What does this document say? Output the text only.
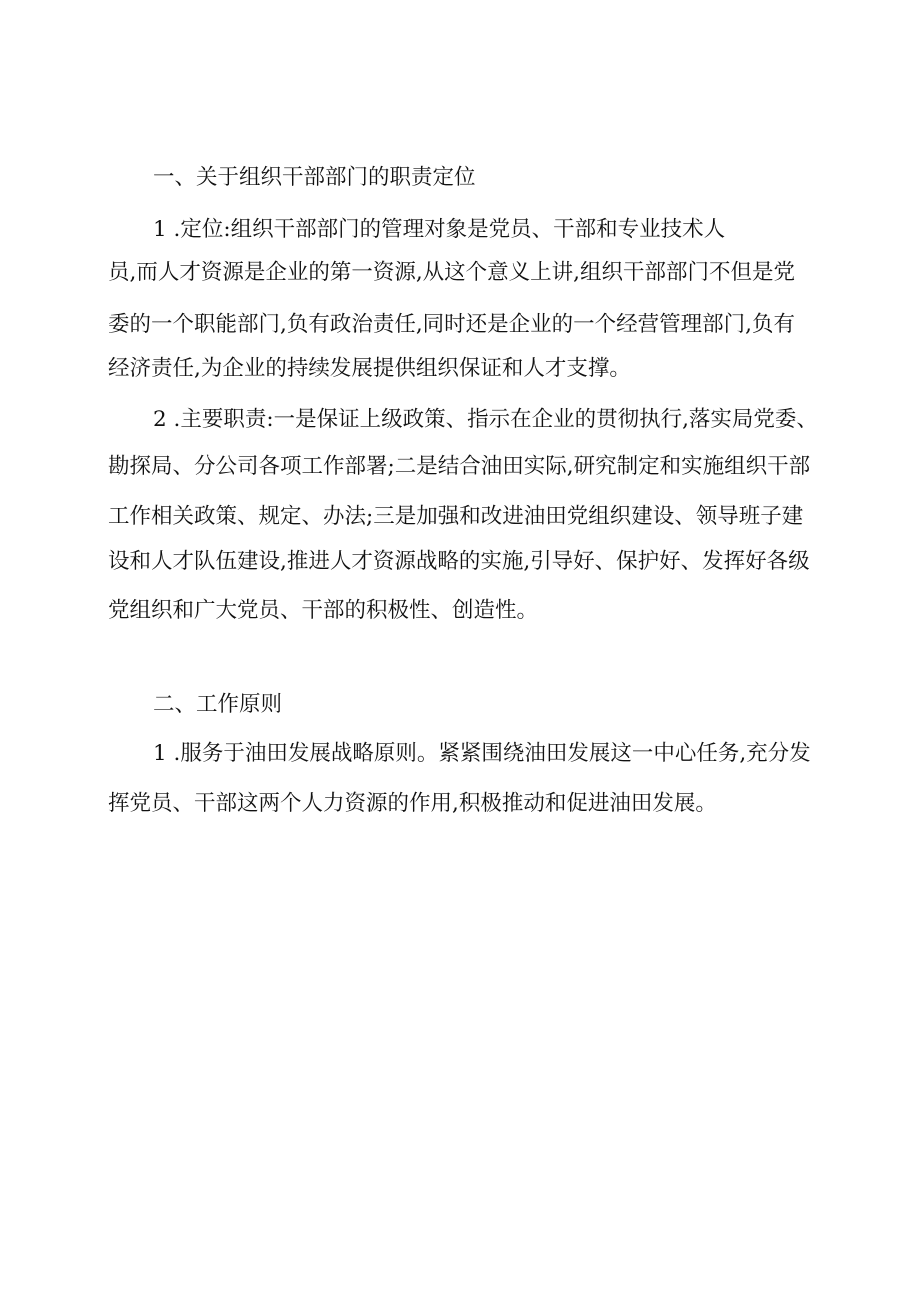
一、关于组织干部部门的职责定位
1 .定位:组织干部部门的管理对象是党员、干部和专业技术人
员,而人才资源是企业的第一资源,从这个意义上讲,组织干部部门不但是党
委的一个职能部门,负有政治责任,同时还是企业的一个经营管理部门,负有
经济责任,为企业的持续发展提供组织保证和人才支撑。
2 .主要职责:一是保证上级政策、指示在企业的贯彻执行,落实局党委、
勘探局、分公司各项工作部署;二是结合油田实际,研究制定和实施组织干部
工作相关政策、规定、办法;三是加强和改进油田党组织建设、领导班子建
设和人才队伍建设,推进人才资源战略的实施,引导好、保护好、发挥好各级
党组织和广大党员、干部的积极性、创造性。
二、工作原则
1 .服务于油田发展战略原则。紧紧围绕油田发展这一中心任务,充分发
挥党员、干部这两个人力资源的作用,积极推动和促进油田发展。
